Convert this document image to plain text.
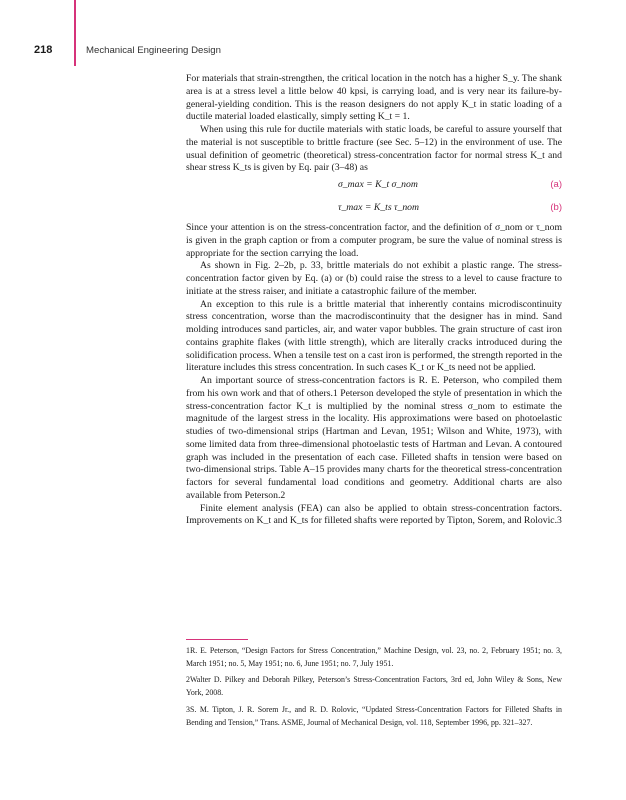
218	Mechanical Engineering Design

For materials that strain-strengthen, the critical location in the notch has a higher S_y. The shank area is at a stress level a little below 40 kpsi, is carrying load, and is very near its failure-by-general-yielding condition. This is the reason designers do not apply K_t in static loading of a ductile material loaded elastically, simply setting K_t = 1.

When using this rule for ductile materials with static loads, be careful to assure yourself that the material is not susceptible to brittle fracture (see Sec. 5–12) in the environment of use. The usual definition of geometric (theoretical) stress-concentration factor for normal stress K_t and shear stress K_ts is given by Eq. pair (3–48) as

σ_max = K_t σ_nom	(a)
τ_max = K_ts τ_nom	(b)

Since your attention is on the stress-concentration factor, and the definition of σ_nom or τ_nom is given in the graph caption or from a computer program, be sure the value of nominal stress is appropriate for the section carrying the load.

As shown in Fig. 2–2b, p. 33, brittle materials do not exhibit a plastic range. The stress-concentration factor given by Eq. (a) or (b) could raise the stress to a level to cause fracture to initiate at the stress raiser, and initiate a catastrophic failure of the member.

An exception to this rule is a brittle material that inherently contains microdiscontinuity stress concentration, worse than the macrodiscontinuity that the designer has in mind. Sand molding introduces sand particles, air, and water vapor bubbles. The grain structure of cast iron contains graphite flakes (with little strength), which are literally cracks introduced during the solidification process. When a tensile test on a cast iron is performed, the strength reported in the literature includes this stress concentration. In such cases K_t or K_ts need not be applied.

An important source of stress-concentration factors is R. E. Peterson, who compiled them from his own work and that of others.1 Peterson developed the style of presentation in which the stress-concentration factor K_t is multiplied by the nominal stress σ_nom to estimate the magnitude of the largest stress in the locality. His approximations were based on photoelastic studies of two-dimensional strips (Hartman and Levan, 1951; Wilson and White, 1973), with some limited data from three-dimensional photoelastic tests of Hartman and Levan. A contoured graph was included in the presentation of each case. Filleted shafts in tension were based on two-dimensional strips. Table A–15 provides many charts for the theoretical stress-concentration factors for several fundamental load conditions and geometry. Additional charts are also available from Peterson.2

Finite element analysis (FEA) can also be applied to obtain stress-concentration factors. Improvements on K_t and K_ts for filleted shafts were reported by Tipton, Sorem, and Rolovic.3

1R. E. Peterson, “Design Factors for Stress Concentration,” Machine Design, vol. 23, no. 2, February 1951; no. 3, March 1951; no. 5, May 1951; no. 6, June 1951; no. 7, July 1951.

2Walter D. Pilkey and Deborah Pilkey, Peterson’s Stress-Concentration Factors, 3rd ed, John Wiley & Sons, New York, 2008.

3S. M. Tipton, J. R. Sorem Jr., and R. D. Rolovic, “Updated Stress-Concentration Factors for Filleted Shafts in Bending and Tension,” Trans. ASME, Journal of Mechanical Design, vol. 118, September 1996, pp. 321–327.
